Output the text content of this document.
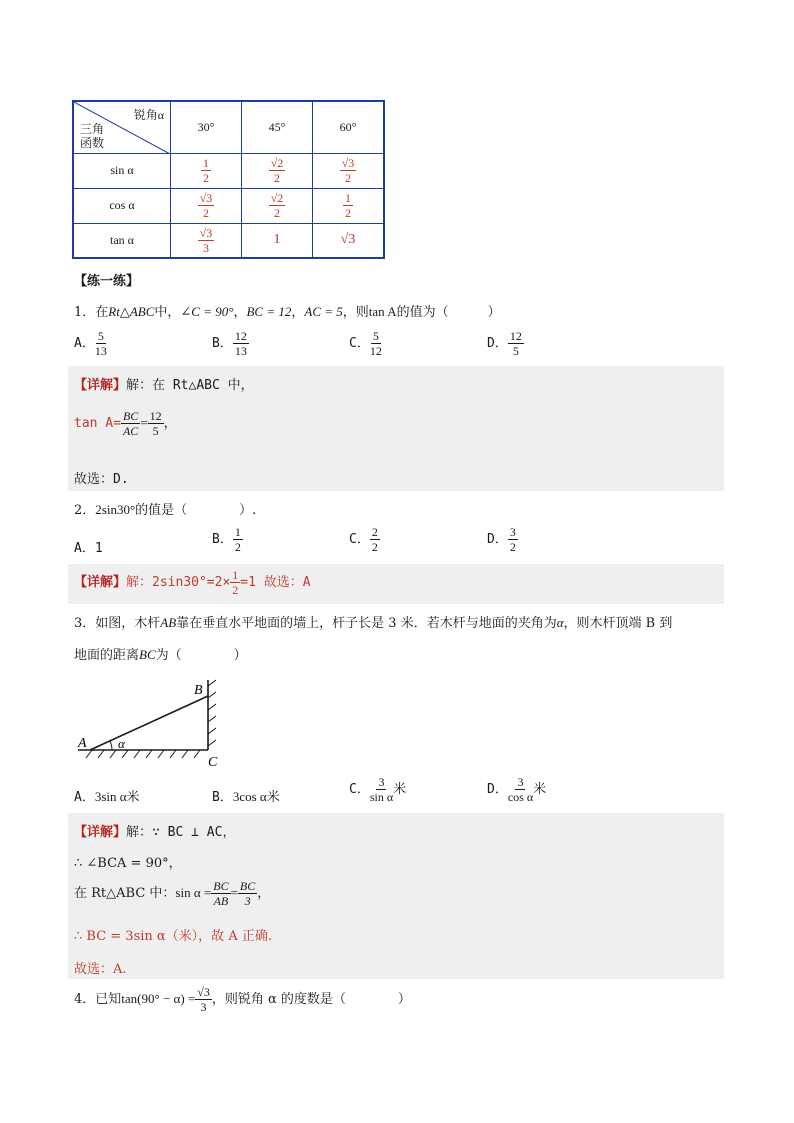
锐角α
三角
函数	30°	45°	60°
sin α	$\frac{1}{2}$	$\frac{√2}{2}$	$\frac{√3}{2}$

cos α	$\frac{√3}{2}$	$\frac{√2}{2}$	$\frac{1}{2}$

tan α	$\frac{√3}{3}$	1	√3
【练一练】
1．在Rt△ABC中，∠C = 90°，BC = 12，AC = 5，则tan A的值为（　　　）
A． $\frac{5}{13}$	B． $\frac{12}{13}$	C． $\frac{5}{12}$	D． $\frac{12}{5}$
【详解】解：在 Rt△ABC 中，
$\tan A= \frac{BC}{AC} = \frac{12}{5}$ ，
故选：D.
2．2sin30°的值是（　　　　）.
A．1
B． $\frac{1}{2}$	C． $\frac{2}{2}$	D． $\frac{3}{2}$
【详解】解：$2\sin 30^\circ=2\times \frac{1}{2} =1$ 故选：A
3．如图，木杆AB靠在垂直水平地面的墙上，杆子长是 3 米．若木杆与地面的夹角为α，则木杆顶端 B 到
地面的距离BC为（　　　　）
A
B
C
α
A．3sin α米	B．3cos α米	C． $\frac{3}{\text{sin α}}$ 米	D． $\frac{3}{\text{cos α}}$ 米
【详解】解：∵ BC ⊥ AC，
∴ ∠BCA = 90°，
在 Rt△ABC 中：$\sin \alpha = \frac{BC}{AB} = \frac{BC}{3}$ ，
∴ BC = 3sin α（米），故 A 正确.
故选：A.
4．已知$\tan(90^\circ - \alpha) = \frac{√3}{3}$ ，则锐角 α 的度数是（　　　　）
